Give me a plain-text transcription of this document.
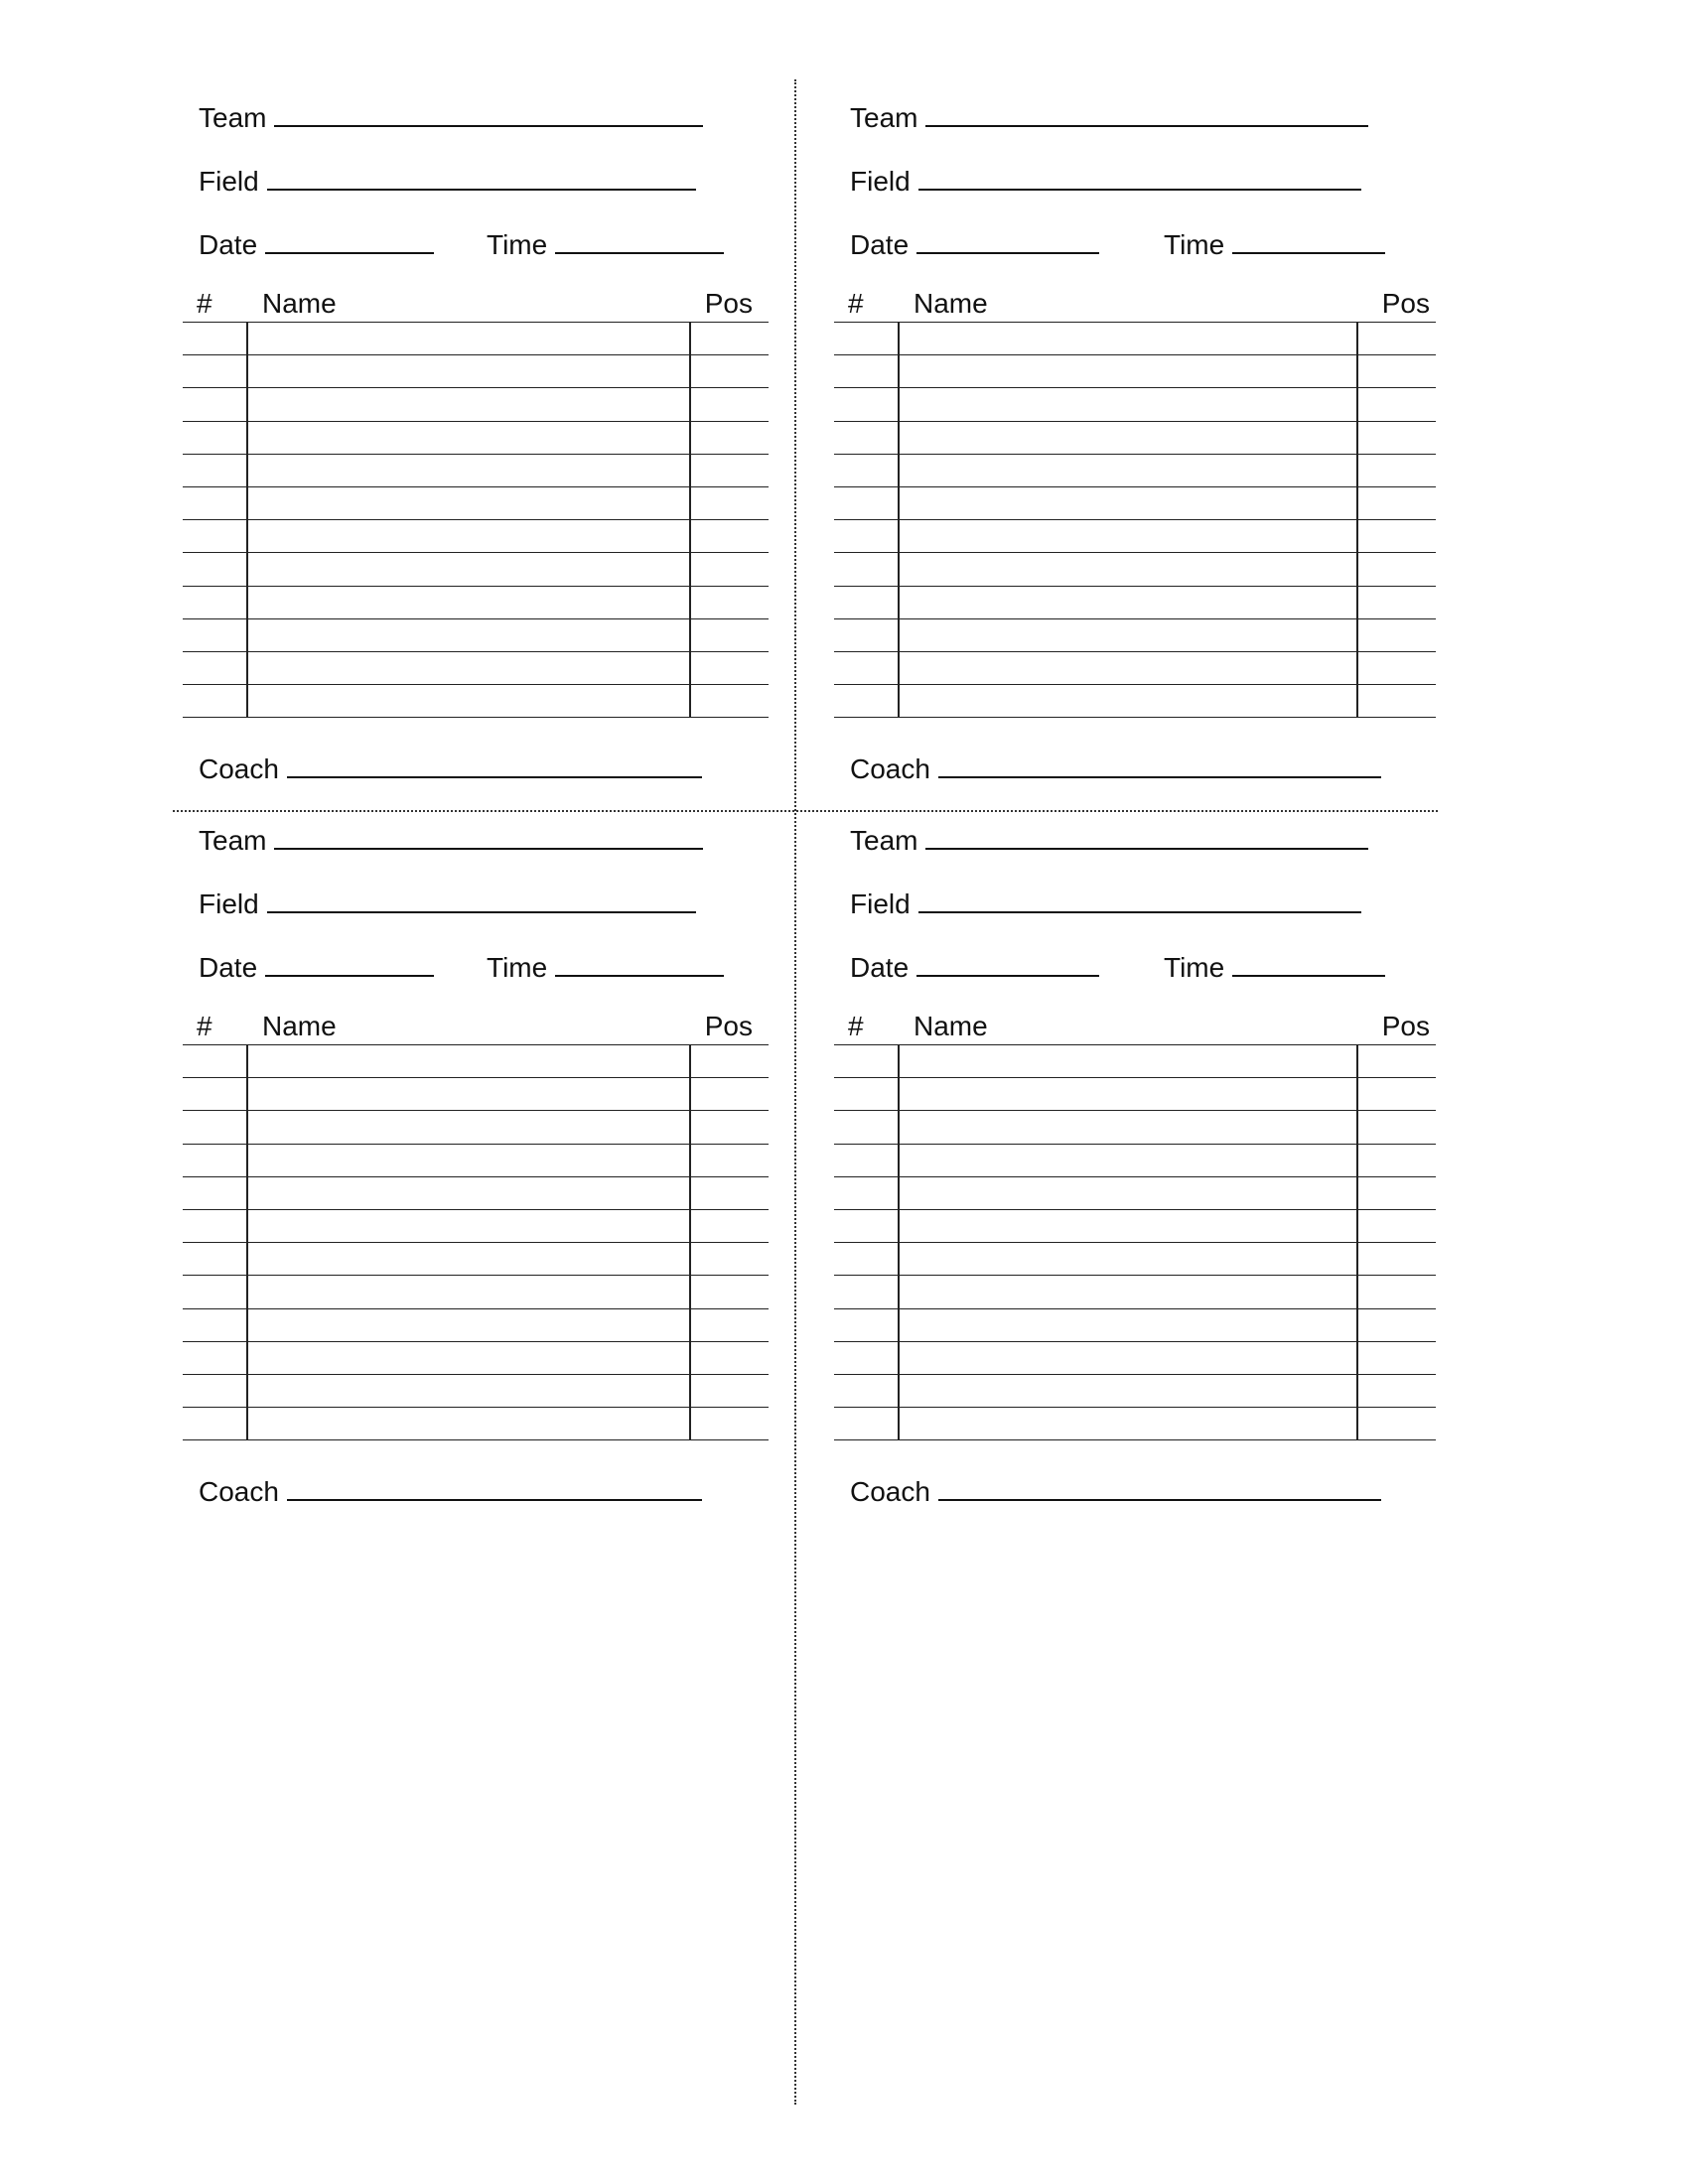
Team
Field
Date	Time
# Name	Pos
Coach
Team
Field
Date	Time
# Name	Pos
Coach
Team
Field
Date	Time
# Name	Pos
Coach
Team
Field
Date	Time
# Name	Pos
Coach
